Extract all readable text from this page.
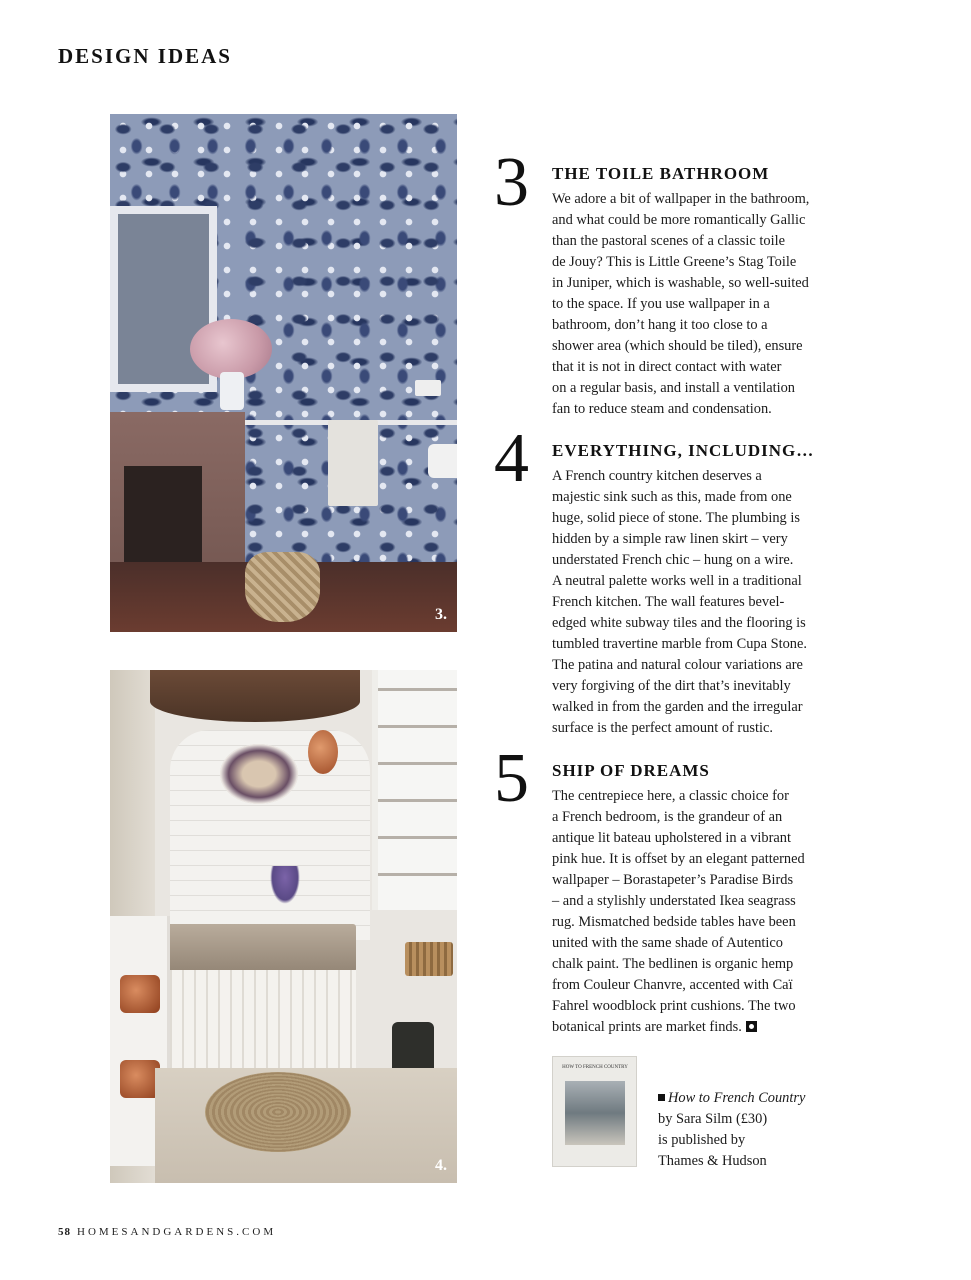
DESIGN IDEAS
3.
4.
3 THE TOILE BATHROOM
We adore a bit of wallpaper in the bathroom,
and what could be more romantically Gallic
than the pastoral scenes of a classic toile
de Jouy? This is Little Greene’s Stag Toile
in Juniper, which is washable, so well-suited
to the space. If you use wallpaper in a
bathroom, don’t hang it too close to a
shower area (which should be tiled), ensure
that it is not in direct contact with water
on a regular basis, and install a ventilation
fan to reduce steam and condensation.
4 EVERYTHING, INCLUDING…
A French country kitchen deserves a
majestic sink such as this, made from one
huge, solid piece of stone. The plumbing is
hidden by a simple raw linen skirt – very
understated French chic – hung on a wire.
A neutral palette works well in a traditional
French kitchen. The wall features bevel-
edged white subway tiles and the flooring is
tumbled travertine marble from Cupa Stone.
The patina and natural colour variations are
very forgiving of the dirt that’s inevitably
walked in from the garden and the irregular
surface is the perfect amount of rustic.
5 SHIP OF DREAMS
The centrepiece here, a classic choice for
a French bedroom, is the grandeur of an
antique lit bateau upholstered in a vibrant
pink hue. It is offset by an elegant patterned
wallpaper – Borastapeter’s Paradise Birds
– and a stylishly understated Ikea seagrass
rug. Mismatched bedside tables have been
united with the same shade of Autentico
chalk paint. The bedlinen is organic hemp
from Couleur Chanvre, accented with Caï
Fahrel woodblock print cushions. The two
botanical prints are market finds.
HOW TO FRENCH COUNTRY
How to French Country
by Sara Silm (£30)
is published by
Thames & Hudson
58 HOMESANDGARDENS.COM
